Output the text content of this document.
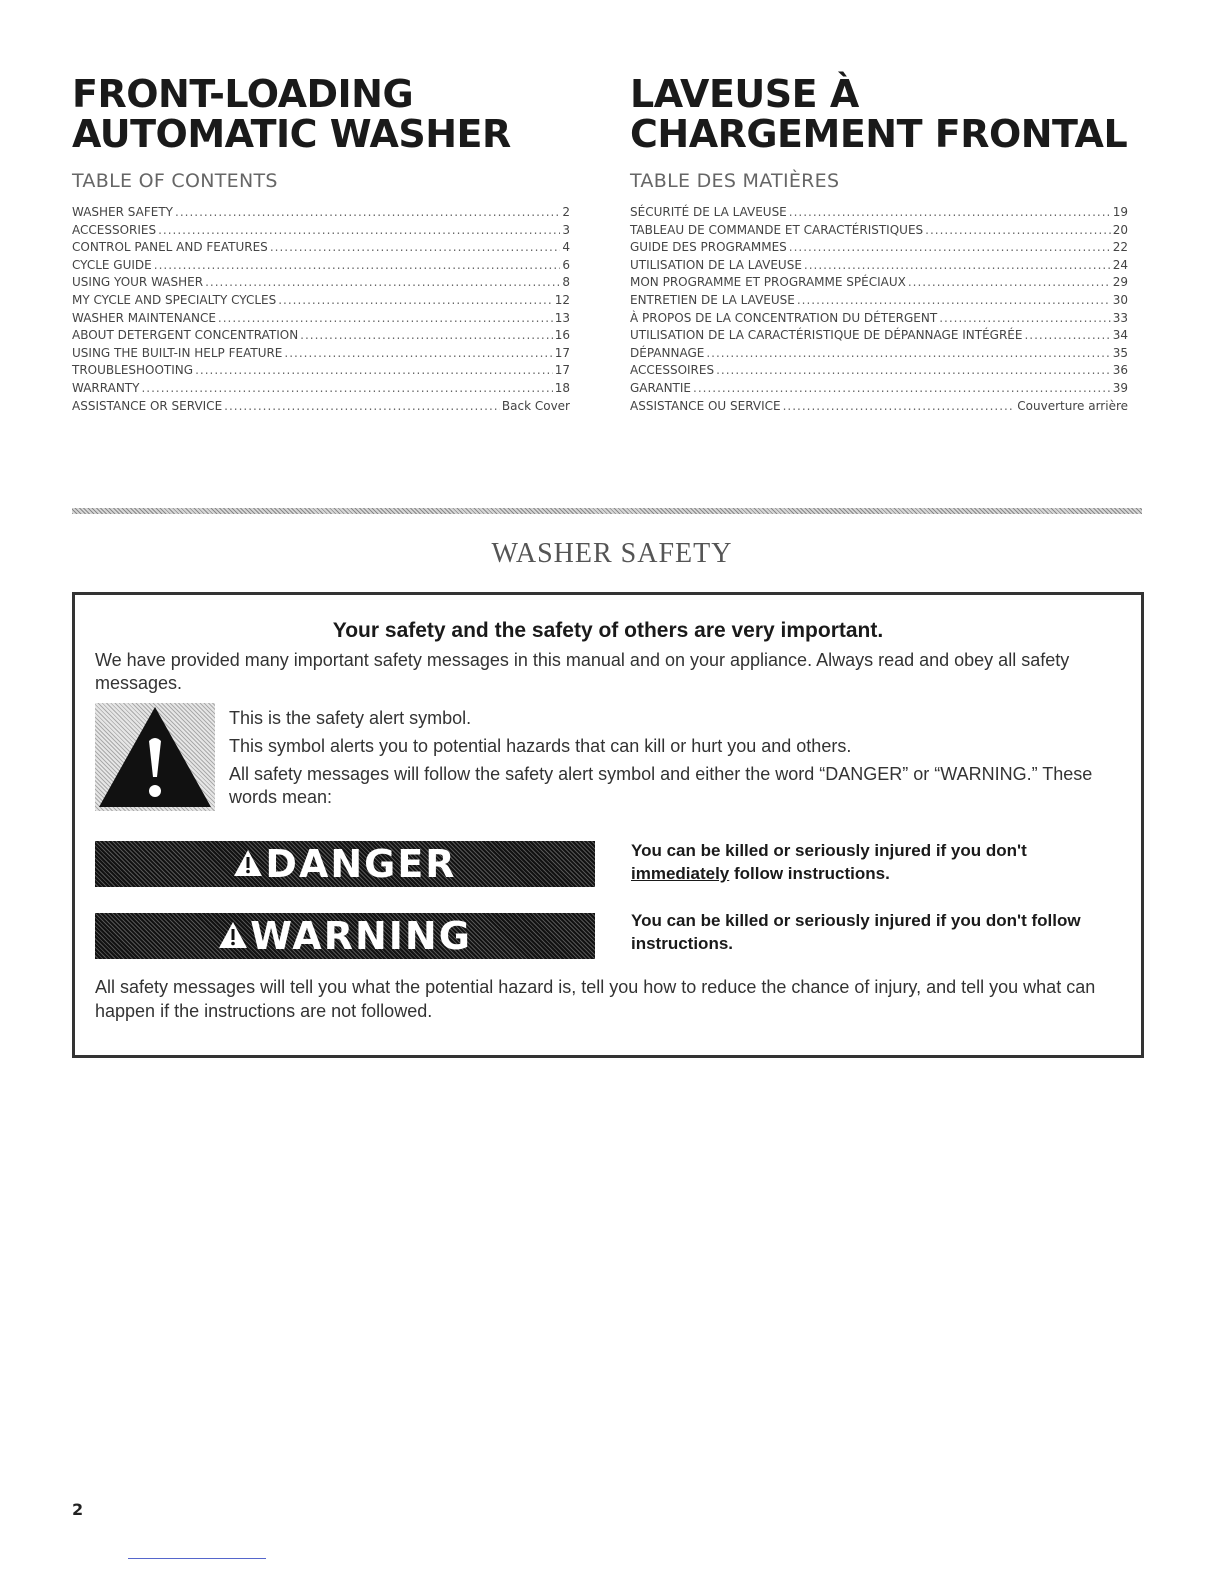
FRONT-LOADING
AUTOMATIC WASHER
TABLE OF CONTENTS
WASHER SAFETY .....	2
ACCESSORIES .....	3
CONTROL PANEL AND FEATURES .....	4
CYCLE GUIDE .....	6
USING YOUR WASHER .....	8
MY CYCLE AND SPECIALTY CYCLES .....	12
WASHER MAINTENANCE .....	13
ABOUT DETERGENT CONCENTRATION .....	16
USING THE BUILT-IN HELP FEATURE .....	17
TROUBLESHOOTING .....	17
WARRANTY .....	18
ASSISTANCE OR SERVICE .....	Back Cover
LAVEUSE À
CHARGEMENT FRONTAL
TABLE DES MATIÈRES
SÉCURITÉ DE LA LAVEUSE .....	19
TABLEAU DE COMMANDE ET CARACTÉRISTIQUES .....	20
GUIDE DES PROGRAMMES .....	22
UTILISATION DE LA LAVEUSE .....	24
MON PROGRAMME ET PROGRAMME SPÉCIAUX .....	29
ENTRETIEN DE LA LAVEUSE .....	30
À PROPOS DE LA CONCENTRATION DU DÉTERGENT .....	33
UTILISATION DE LA CARACTÉRISTIQUE DE DÉPANNAGE INTÉGRÉE .....	34
DÉPANNAGE .....	35
ACCESSOIRES .....	36
GARANTIE .....	39
ASSISTANCE OU SERVICE .....	Couverture arrière
WASHER SAFETY

Your safety and the safety of others are very important.

We have provided many important safety messages in this manual and on your appliance. Always read and obey all safety messages.

This is the safety alert symbol.

This symbol alerts you to potential hazards that can kill or hurt you and others.

All safety messages will follow the safety alert symbol and either the word “DANGER” or “WARNING.” These words mean:

DANGER	You can be killed or seriously injured if you don't immediately follow instructions.

WARNING	You can be killed or seriously injured if you don't follow instructions.

All safety messages will tell you what the potential hazard is, tell you how to reduce the chance of injury, and tell you what can happen if the instructions are not followed.

2
